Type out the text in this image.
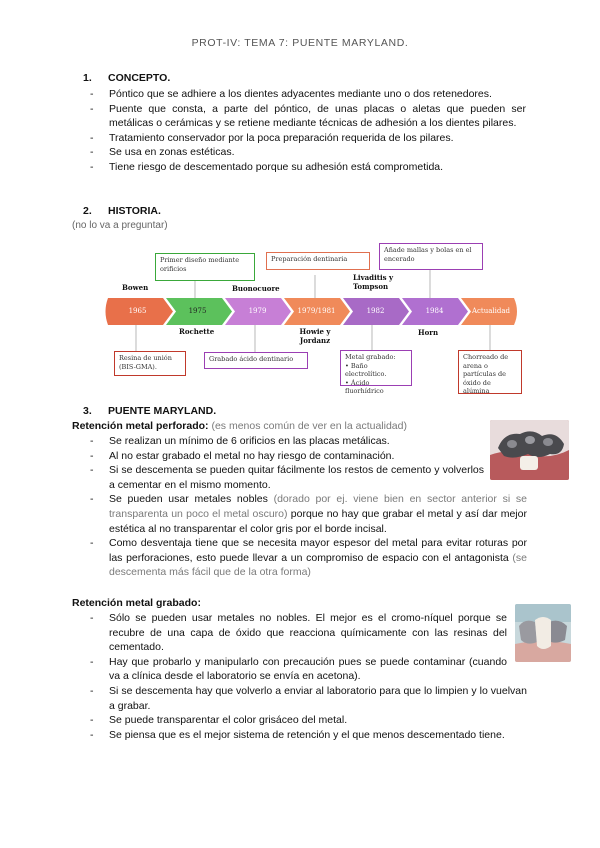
PROT-IV: TEMA 7: PUENTE MARYLAND.
1. CONCEPTO.
- Póntico que se adhiere a los dientes adyacentes mediante uno o dos retenedores.
- Puente que consta, a parte del póntico, de unas placas o aletas que pueden ser metálicas o cerámicas y se retiene mediante técnicas de adhesión a los dientes pilares.
- Tratamiento conservador por la poca preparación requerida de los pilares.
- Se usa en zonas estéticas.
- Tiene riesgo de descementado porque su adhesión está comprometida.
2. HISTORIA.
(no lo va a preguntar)
1965	1975	1979	1979/1981	1982	1984	Actualidad
Bowen	Buonocuore
Livaditis y Tompson
Rochette	Howie y Jordanz
Horn
Primer diseño mediante orificios
Preparación dentinaria
Añade mallas y bolas en el encerado
Resina de unión (BIS-GMA).
Grabado ácido dentinario	Metal grabado:
• Baño electrolítico.
• Ácido fluorhídrico
Chorreado de arena o partículas de óxido de alúmina
3. PUENTE MARYLAND.
Retención metal perforado: (es menos común de ver en la actualidad)
- Se realizan un mínimo de 6 orificios en las placas metálicas.
- Al no estar grabado el metal no hay riesgo de contaminación.
- Si se descementa se pueden quitar fácilmente los restos de cemento y volverlos a cementar en el mismo momento.
- Se pueden usar metales nobles (dorado por ej. viene bien en sector anterior si se transparenta un poco el metal oscuro) porque no hay que grabar el metal y así dar mejor estética al no transparentar el color gris por el borde incisal.
- Como desventaja tiene que se necesita mayor espesor del metal para evitar roturas por las perforaciones, esto puede llevar a un compromiso de espacio con el antagonista (se descementa más fácil que de la otra forma)
Retención metal grabado:
- Sólo se pueden usar metales no nobles. El mejor es el cromo-níquel porque se recubre de una capa de óxido que reacciona químicamente con las resinas del cementado.
- Hay que probarlo y manipularlo con precaución pues se puede contaminar (cuando va a clínica desde el laboratorio se envía en acetona).
- Si se descementa hay que volverlo a enviar al laboratorio para que lo limpien y lo vuelvan a grabar.
- Se puede transparentar el color grisáceo del metal.
- Se piensa que es el mejor sistema de retención y el que menos descementado tiene.
